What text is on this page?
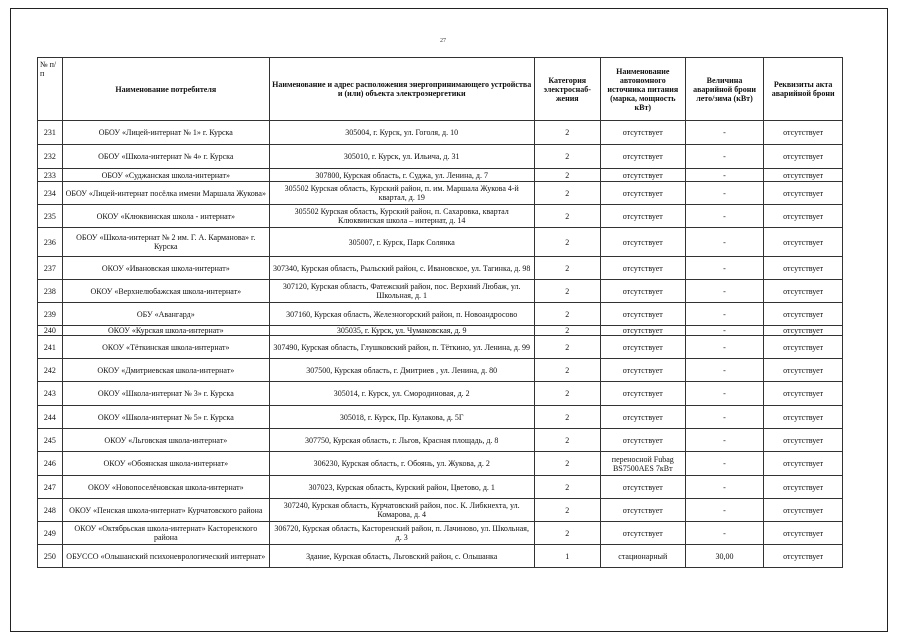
27
№ п/п	Наименование потребителя	Наименование и адрес расположения энергопринимающего устройства и (или) объекта электроэнергетики	Категория электроснаб-жения	Наименование автономного источника питания (марка, мощность кВт)	Величина аварийной брони лето/зима (кВт)	Реквизиты акта аварийной брони
231	ОБОУ «Лицей-интернат № 1» г. Курска	305004, г. Курск, ул. Гоголя, д. 10	2	отсутствует	-	отсутствует
232	ОБОУ «Школа-интернат № 4» г. Курска	305010, г. Курск, ул. Ильича, д. 31	2	отсутствует	-	отсутствует
233	ОБОУ «Суджанская школа-интернат»	307800, Курская область, г. Суджа, ул. Ленина, д. 7	2	отсутствует	-	отсутствует
234	ОБОУ «Лицей-интернат посёлка имени Маршала Жукова»	305502 Курская область, Курский район, п. им. Маршала Жукова 4-й квартал, д. 19	2	отсутствует	-	отсутствует
235	ОКОУ «Клюквинская школа - интернат»	305502 Курская область, Курский район, п. Сахаровка, квартал Клюквинская школа – интернат, д. 14	2	отсутствует	-	отсутствует
236	ОБОУ «Школа-интернат № 2 им. Г. А. Карманова» г. Курска	305007, г. Курск, Парк Солянка	2	отсутствует	-	отсутствует
237	ОКОУ «Ивановская школа-интернат»	307340, Курская область, Рыльский район, с. Ивановское, ул. Тагинка, д. 98	2	отсутствует	-	отсутствует
238	ОКОУ «Верхнелюбажская школа-интернат»	307120, Курская область, Фатежский район, пос. Верхний Любаж, ул. Школьная, д. 1	2	отсутствует	-	отсутствует
239	ОБУ «Авангард»	307160, Курская область, Железногорский район, п. Новоандросово	2	отсутствует	-	отсутствует
240	ОКОУ «Курская школа-интернат»	305035, г. Курск, ул. Чумаковская, д. 9	2	отсутствует	-	отсутствует
241	ОКОУ «Тёткинская школа-интернат»	307490, Курская область, Глушковский район, п. Тёткино, ул. Ленина, д. 99	2	отсутствует	-	отсутствует
242	ОКОУ «Дмитриевская школа-интернат»	307500, Курская область, г. Дмитриев , ул. Ленина, д. 80	2	отсутствует	-	отсутствует
243	ОКОУ «Школа-интернат № 3» г. Курска	305014, г. Курск, ул. Смородиновая, д. 2	2	отсутствует	-	отсутствует
244	ОКОУ «Школа-интернат № 5» г. Курска	305018, г. Курск, Пр. Кулакова, д. 5Г	2	отсутствует	-	отсутствует
245	ОКОУ «Льговская школа-интернат»	307750, Курская область, г. Льгов, Красная площадь, д. 8	2	отсутствует	-	отсутствует
246	ОКОУ «Обоянская школа-интернат»	306230, Курская область, г. Обоянь, ул. Жукова, д. 2	2	переносной Fubag BS7500AES 7кВт	-	отсутствует
247	ОКОУ «Новопоселёновская школа-интернат»	307023, Курская область, Курский район, Цветово, д. 1	2	отсутствует	-	отсутствует
248	ОКОУ «Пенская школа-интернат» Курчатовского района	307240, Курская область, Курчатовский район, пос. К. Либкнехта, ул. Комарова, д. 4	2	отсутствует	-	отсутствует
249	ОКОУ «Октябрьская школа-интернат» Касторенского района	306720, Курская область, Касторенский район, п. Лачиново, ул. Школьная, д. 3	2	отсутствует	-	отсутствует
250	ОБУССО «Ольшанский психоневрологический интернат»	Здание, Курская область, Льговский район, с. Ольшанка	1	стационарный	30,00	отсутствует
